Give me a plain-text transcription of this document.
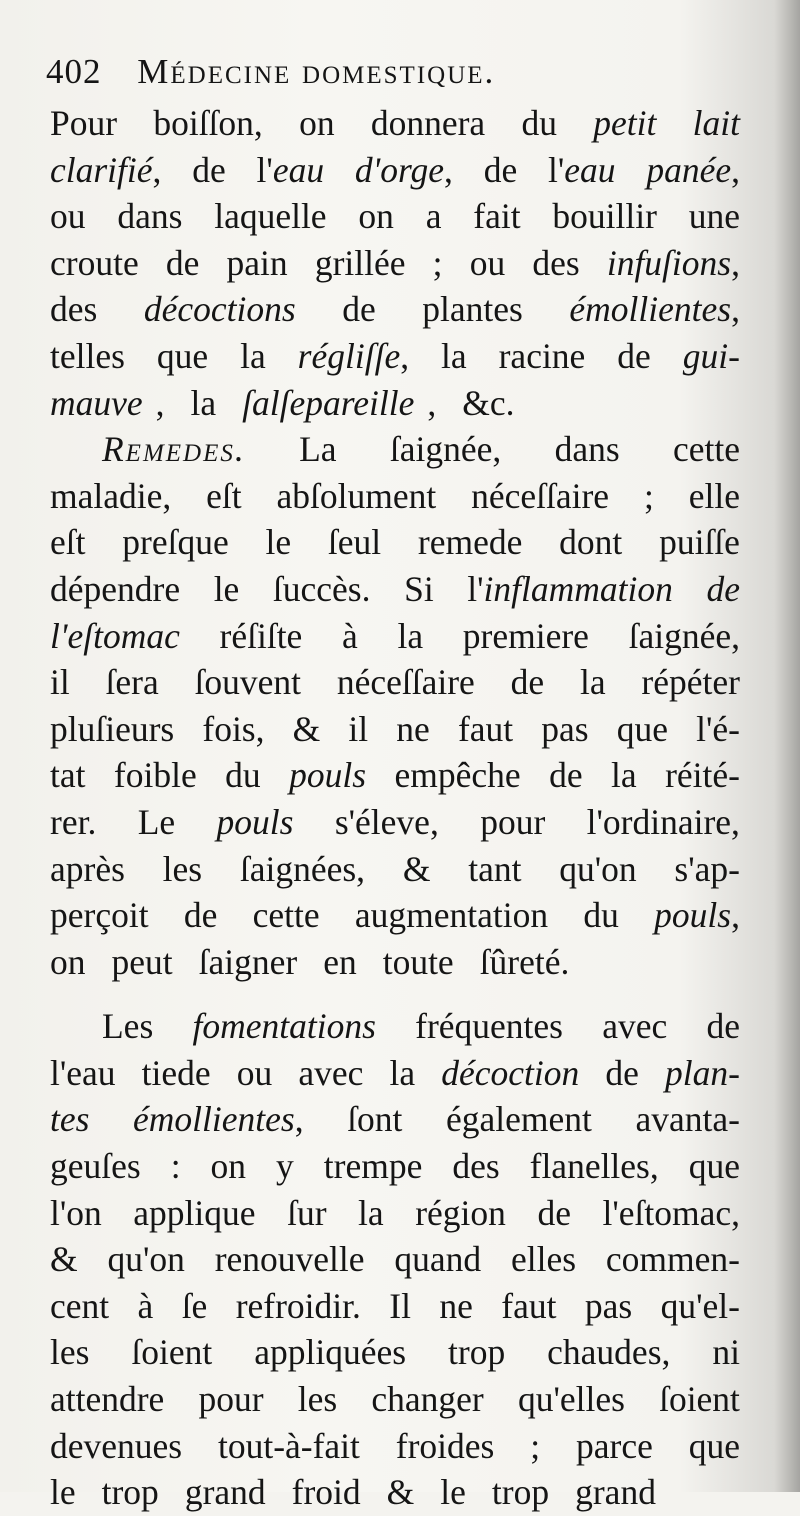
402 Médecine domestique.
Pour boiſſon, on donnera du petit lait
clarifié, de l'eau d'orge, de l'eau panée,
ou dans laquelle on a fait bouillir une
croute de pain grillée ; ou des infuſions,
des décoctions de plantes émollientes,
telles que la régliſſe, la racine de gui-
mauve , la ſalſepareille , &c.
Remedes. La ſaignée, dans cette
maladie, eſt abſolument néceſſaire ; elle
eſt preſque le ſeul remede dont puiſſe
dépendre le ſuccès. Si l'inflammation de
l'eſtomac réſiſte à la premiere ſaignée,
il ſera ſouvent néceſſaire de la répéter
pluſieurs fois, & il ne faut pas que l'é-
tat foible du pouls empêche de la réité-
rer. Le pouls s'éleve, pour l'ordinaire,
après les ſaignées, & tant qu'on s'ap-
perçoit de cette augmentation du pouls,
on peut ſaigner en toute ſûreté.
Les fomentations fréquentes avec de
l'eau tiede ou avec la décoction de plan-
tes émollientes, ſont également avanta-
geuſes : on y trempe des flanelles, que
l'on applique ſur la région de l'eſtomac,
& qu'on renouvelle quand elles commen-
cent à ſe refroidir. Il ne faut pas qu'el-
les ſoient appliquées trop chaudes, ni
attendre pour les changer qu'elles ſoient
devenues tout-à-fait froides ; parce que
le trop grand froid & le trop grand
